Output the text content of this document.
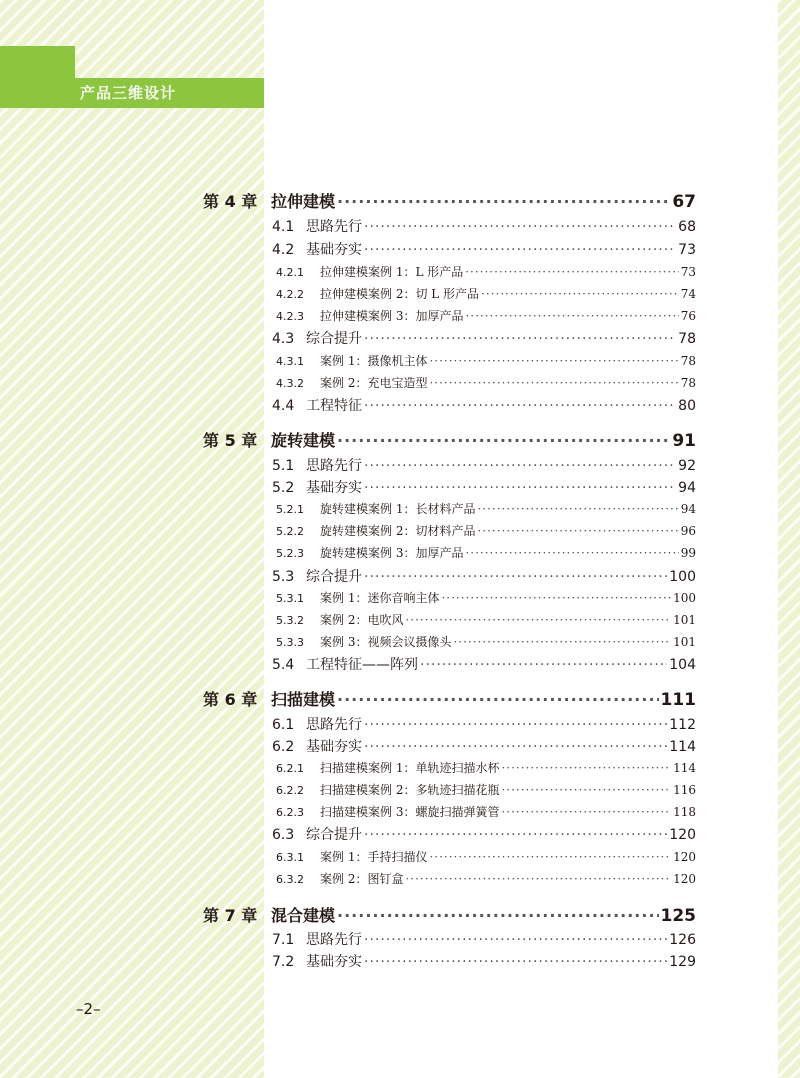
产品三维设计
第 4 章 拉伸建模 ·····	67
4.1 思路先行 ·····	68
4.2 基础夯实 ·····	73
4.2.1	拉伸建模案例 1：L 形产品 ·····	73
4.2.2	拉伸建模案例 2：切 L 形产品 ·····	74
4.2.3	拉伸建模案例 3：加厚产品 ·····	76
4.3 综合提升 ·····	78
4.3.1	案例 1：摄像机主体 ·····	78
4.3.2	案例 2：充电宝造型 ·····	78
4.4 工程特征 ·····	80
第 5 章 旋转建模 ·····	91
5.1 思路先行 ·····	92
5.2 基础夯实 ·····	94
5.2.1	旋转建模案例 1：长材料产品 ·····	94
5.2.2	旋转建模案例 2：切材料产品 ·····	96
5.2.3	旋转建模案例 3：加厚产品 ·····	99
5.3 综合提升 ·····	100
5.3.1	案例 1：迷你音响主体 ·····	100
5.3.2	案例 2：电吹风 ·····	101
5.3.3	案例 3：视频会议摄像头 ·····	101
5.4 工程特征——阵列 ·····	104
第 6 章 扫描建模 ·····	111
6.1 思路先行 ·····	112
6.2 基础夯实 ·····	114
6.2.1	扫描建模案例 1：单轨迹扫描水杯 ·····	114
6.2.2	扫描建模案例 2：多轨迹扫描花瓶 ·····	116
6.2.3	扫描建模案例 3：螺旋扫描弹簧管 ·····	118
6.3 综合提升 ·····	120
6.3.1	案例 1：手持扫描仪 ·····	120
6.3.2	案例 2：图钉盒 ·····	120
第 7 章 混合建模 ·····	125
7.1 思路先行 ·····	126
7.2 基础夯实 ·····	129
–2–
